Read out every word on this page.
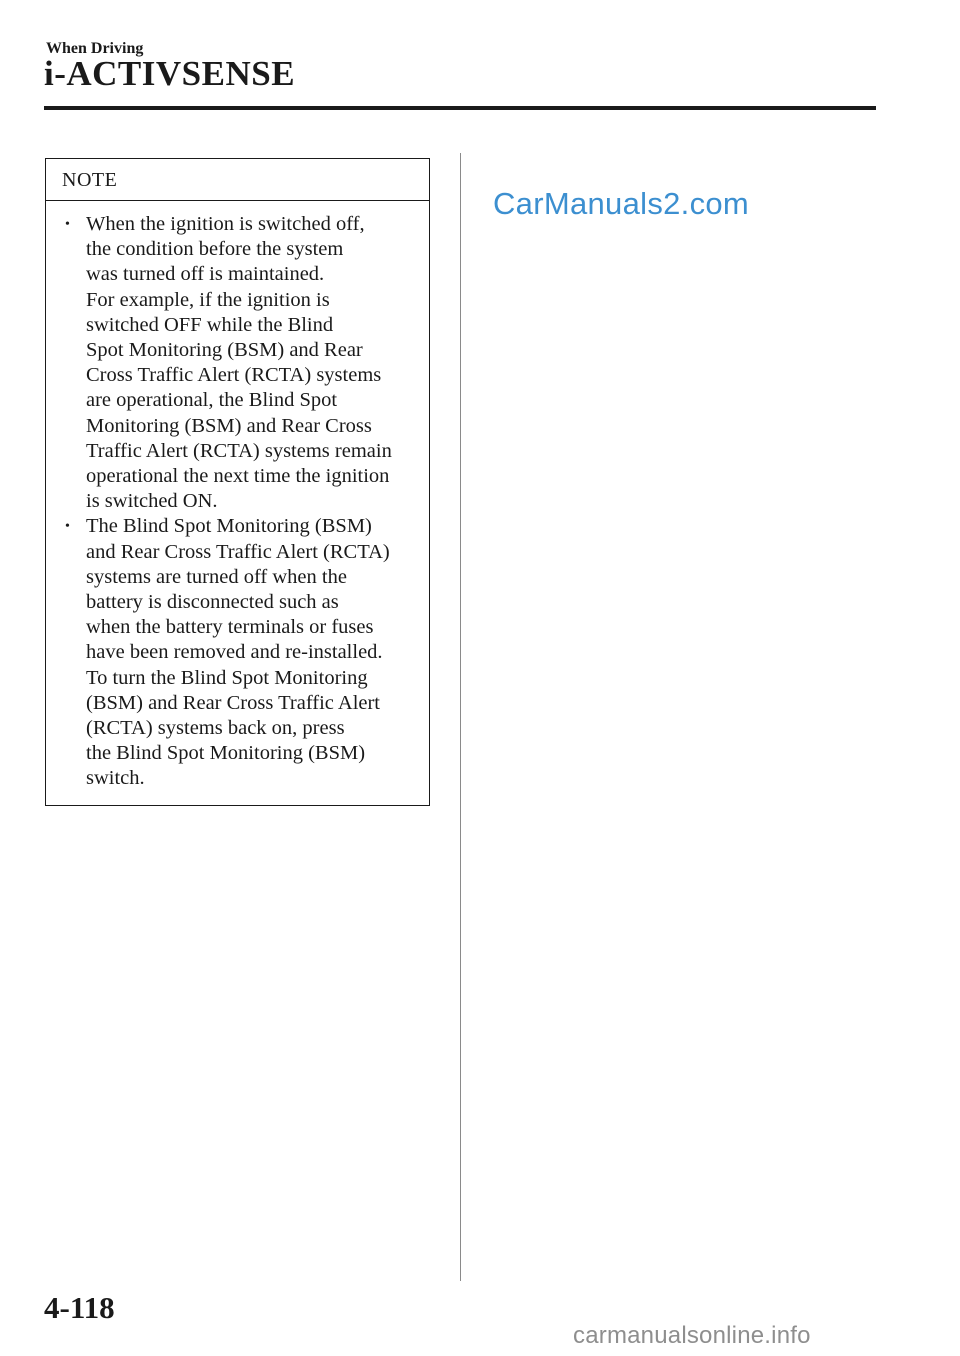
When Driving
i-ACTIVSENSE
NOTE
• When the ignition is switched off,
the condition before the system
was turned off is maintained.
For example, if the ignition is
switched OFF while the Blind
Spot Monitoring (BSM) and Rear
Cross Traffic Alert (RCTA) systems
are operational, the Blind Spot
Monitoring (BSM) and Rear Cross
Traffic Alert (RCTA) systems remain
operational the next time the ignition
is switched ON.
• The Blind Spot Monitoring (BSM)
and Rear Cross Traffic Alert (RCTA)
systems are turned off when the
battery is disconnected such as
when the battery terminals or fuses
have been removed and re-installed.
To turn the Blind Spot Monitoring
(BSM) and Rear Cross Traffic Alert
(RCTA) systems back on, press
the Blind Spot Monitoring (BSM)
switch.
CarManuals2.com
4-118
carmanualsonline.info
